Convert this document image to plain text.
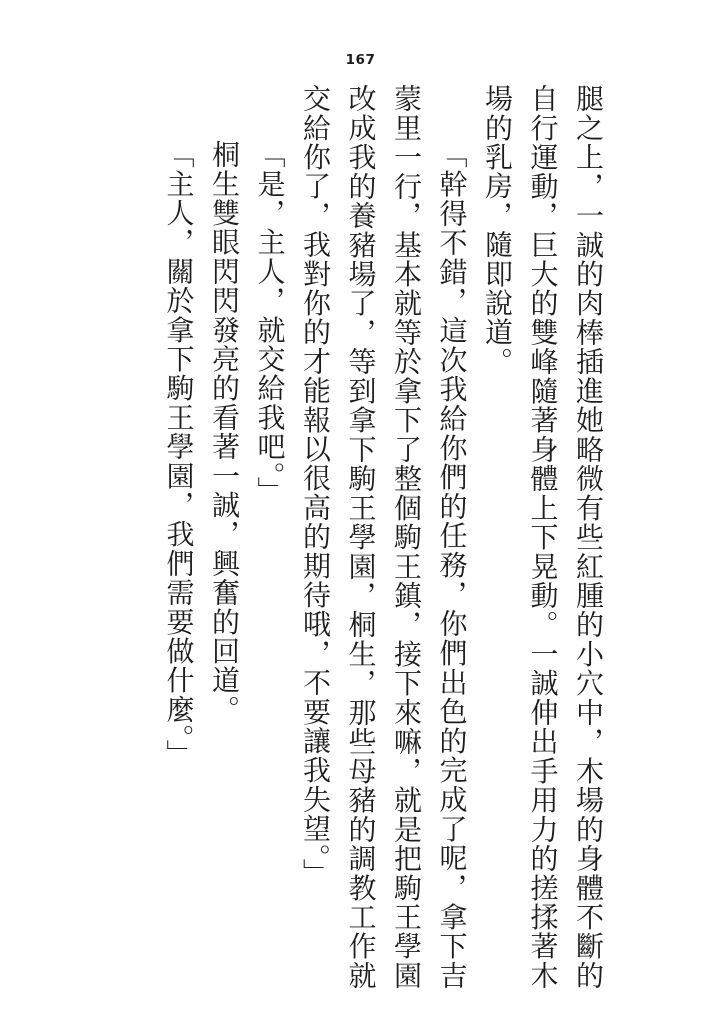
167

腿之上，一誠的肉棒插進她略微有些紅腫的小穴中，木場的身體不斷的自行運動，巨大的雙峰隨著身體上下晃動。一誠伸出手用力的搓揉著木場的乳房，隨即說道。

「幹得不錯，這次我給你們的任務，你們出色的完成了呢，拿下吉蒙里一行，基本就等於拿下了整個駒王鎮，接下來嘛，就是把駒王學園改成我的養豬場了，等到拿下駒王學園，桐生，那些母豬的調教工作就交給你了，我對你的才能報以很高的期待哦，不要讓我失望。」

「是，主人，就交給我吧。」

桐生雙眼閃閃發亮的看著一誠，興奮的回道。

「主人，關於拿下駒王學園，我們需要做什麼。」
